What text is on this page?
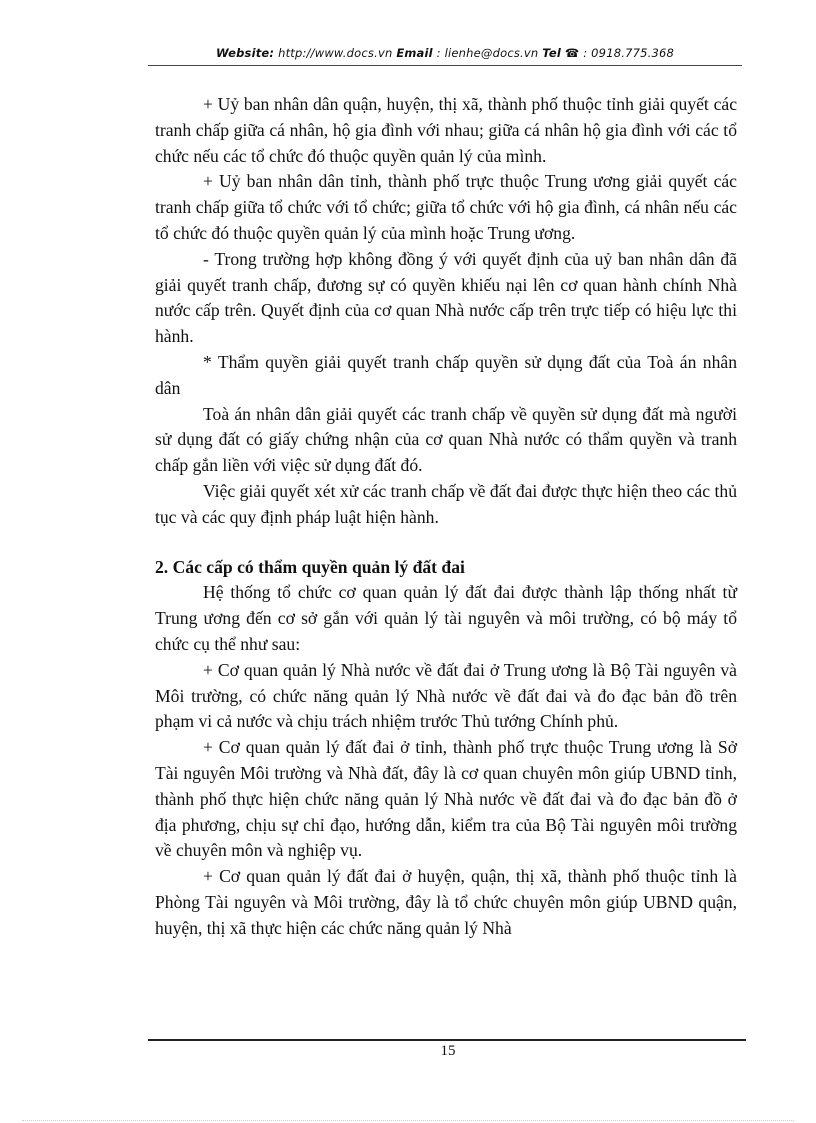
Website: http://www.docs.vn Email : lienhe@docs.vn Tel ☎ : 0918.775.368

+ Uỷ ban nhân dân quận, huyện, thị xã, thành phố thuộc tỉnh giải quyết các tranh chấp giữa cá nhân, hộ gia đình với nhau; giữa cá nhân hộ gia đình với các tổ chức nếu các tổ chức đó thuộc quyền quản lý của mình.

+ Uỷ ban nhân dân tỉnh, thành phố trực thuộc Trung ương giải quyết các tranh chấp giữa tổ chức với tổ chức; giữa tổ chức với hộ gia đình, cá nhân nếu các tổ chức đó thuộc quyền quản lý của mình hoặc Trung ương.

- Trong trường hợp không đồng ý với quyết định của uỷ ban nhân dân đã giải quyết tranh chấp, đương sự có quyền khiếu nại lên cơ quan hành chính Nhà nước cấp trên. Quyết định của cơ quan Nhà nước cấp trên trực tiếp có hiệu lực thi hành.

* Thẩm quyền giải quyết tranh chấp quyền sử dụng đất của Toà án nhân dân

Toà án nhân dân giải quyết các tranh chấp về quyền sử dụng đất mà người sử dụng đất có giấy chứng nhận của cơ quan Nhà nước có thẩm quyền và tranh chấp gắn liền với việc sử dụng đất đó.

Việc giải quyết xét xử các tranh chấp về đất đai được thực hiện theo các thủ tục và các quy định pháp luật hiện hành.

2. Các cấp có thẩm quyền quản lý đất đai

Hệ thống tổ chức cơ quan quản lý đất đai được thành lập thống nhất từ Trung ương đến cơ sở gắn với quản lý tài nguyên và môi trường, có bộ máy tổ chức cụ thể như sau:

+ Cơ quan quản lý Nhà nước về đất đai ở Trung ương là Bộ Tài nguyên và Môi trường, có chức năng quản lý Nhà nước về đất đai và đo đạc bản đồ trên phạm vi cả nước và chịu trách nhiệm trước Thủ tướng Chính phủ.

+ Cơ quan quản lý đất đai ở tỉnh, thành phố trực thuộc Trung ương là Sở Tài nguyên Môi trường và Nhà đất, đây là cơ quan chuyên môn giúp UBND tỉnh, thành phố thực hiện chức năng quản lý Nhà nước về đất đai và đo đạc bản đồ ở địa phương, chịu sự chỉ đạo, hướng dẫn, kiểm tra của Bộ Tài nguyên môi trường về chuyên môn và nghiệp vụ.

+ Cơ quan quản lý đất đai ở huyện, quận, thị xã, thành phố thuộc tỉnh là Phòng Tài nguyên và Môi trường, đây là tổ chức chuyên môn giúp UBND quận, huyện, thị xã thực hiện các chức năng quản lý Nhà

15
